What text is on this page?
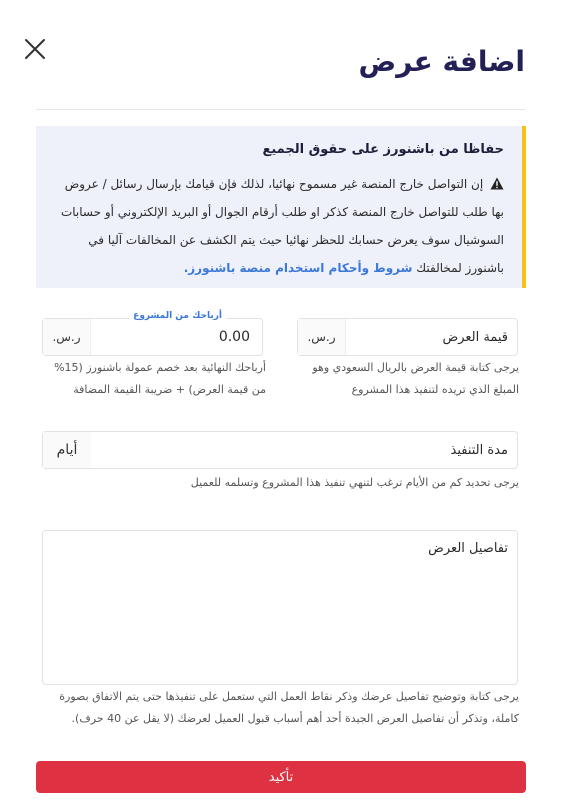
اضافة عرض
حفاظا من باشنورز على حقوق الجميع
إن التواصل خارج المنصة غير مسموح نهائيا، لذلك فإن قيامك بإرسال رسائل / عروض بها طلب للتواصل خارج المنصة كذكر او طلب أرقام الجوال أو البريد الإلكتروني أو حسابات السوشيال سوف يعرض حسابك للحظر نهائيا حيث يتم الكشف عن المخالفات آليا في باشنورز لمخالفتك شروط وأحكام استخدام منصة باشنورز.
قيمة العرض
ر.س.
يرجى كتابة قيمة العرض بالريال السعودي وهو المبلغ الذي تريده لتنفيذ هذا المشروع
أرباحك من المشروع
0.00
ر.س.
أرباحك النهائية بعد خصم عمولة باشنورز (15% من قيمة العرض) + ضريبة القيمة المضافة
مدة التنفيذ
أيام
يرجى تحديد كم من الأيام ترغب لتنهي تنفيذ هذا المشروع وتسلمه للعميل
تفاصيل العرض
يرجى كتابة وتوضيح تفاصيل عرضك وذكر نقاط العمل التي ستعمل على تنفيذها حتى يتم الاتفاق بصورة كاملة، وتذكر أن تفاصيل العرض الجيدة أحد أهم أسباب قبول العميل لعرضك (لا يقل عن 40 حرف).
تأكيد
